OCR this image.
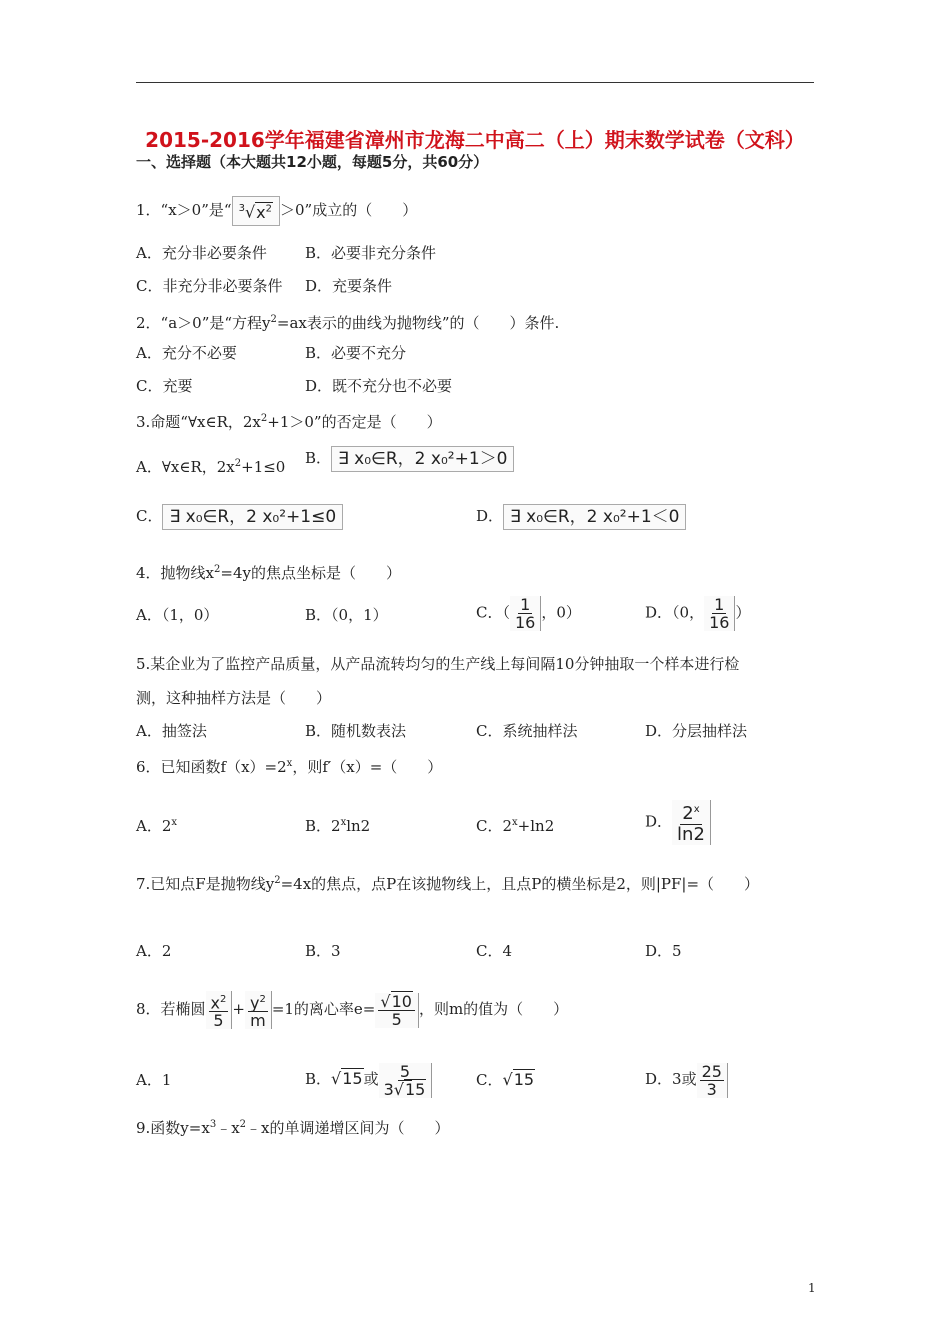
2015-2016学年福建省漳州市龙海二中高二（上）期末数学试卷（文科）
一、选择题（本大题共12小题，每题5分，共60分）
1．“x＞0”是“ $^3√x^2 >0$”成立的（　　）
A．充分非必要条件	B．必要非充分条件
C．非充分非必要条件 D．充要条件
2．“a＞0”是“方程$y^2=ax$表示的曲线为抛物线”的（　　）条件.
A．充分不必要	B．必要不充分
C．充要	D．既不充分也不必要
3.命题“∀x∈R，$2x^2+1>0$”的否定是（　　）
A．∀x∈R，$2x^2+1\le 0$ B． ∃ x₀∈R，2 x₀²+1＞0
C． ∃ x₀∈R，2 x₀²+1≤0	D． ∃ x₀∈R，2 x₀²+1＜0
4．抛物线$x^2=4y$的焦点坐标是（　　）
A．（1，0）	B．（0，1）	C．（ $\frac{1}{16}$ ，0）	D．（0， $\frac{1}{16}$ ）
5.某企业为了监控产品质量，从产品流转均匀的生产线上每间隔10分钟抽取一个样本进行检
测，这种抽样方法是（　　）
A．抽签法	B．随机数表法	C．系统抽样法	D．分层抽样法
6．已知函数$f(x)=2^x$，则f′（x）=（　　）
A．2$^x$	B．2$^x$ln2	C．$2^x+\ln 2$	D． $\frac{2^x}{\ln 2}$
7.已知点F是抛物线$y^2=4x$的焦点，点P在该抛物线上，且点P的横坐标是2，则|PF|=（　　）
A．2	B．3	C．4	D．5
8．若椭圆 $\frac{x^2}{5} + \frac{y^2}{m} =1$的离心率$e= \frac{√10}{5}$ ，则m的值为（　　）
A．1	B．√15或 $\frac{5}{3√15}$	C．√15	D．3或 $\frac{25}{3}$
9.函数$y=x^3﹣x^2﹣x$的单调递增区间为（　　）
1
